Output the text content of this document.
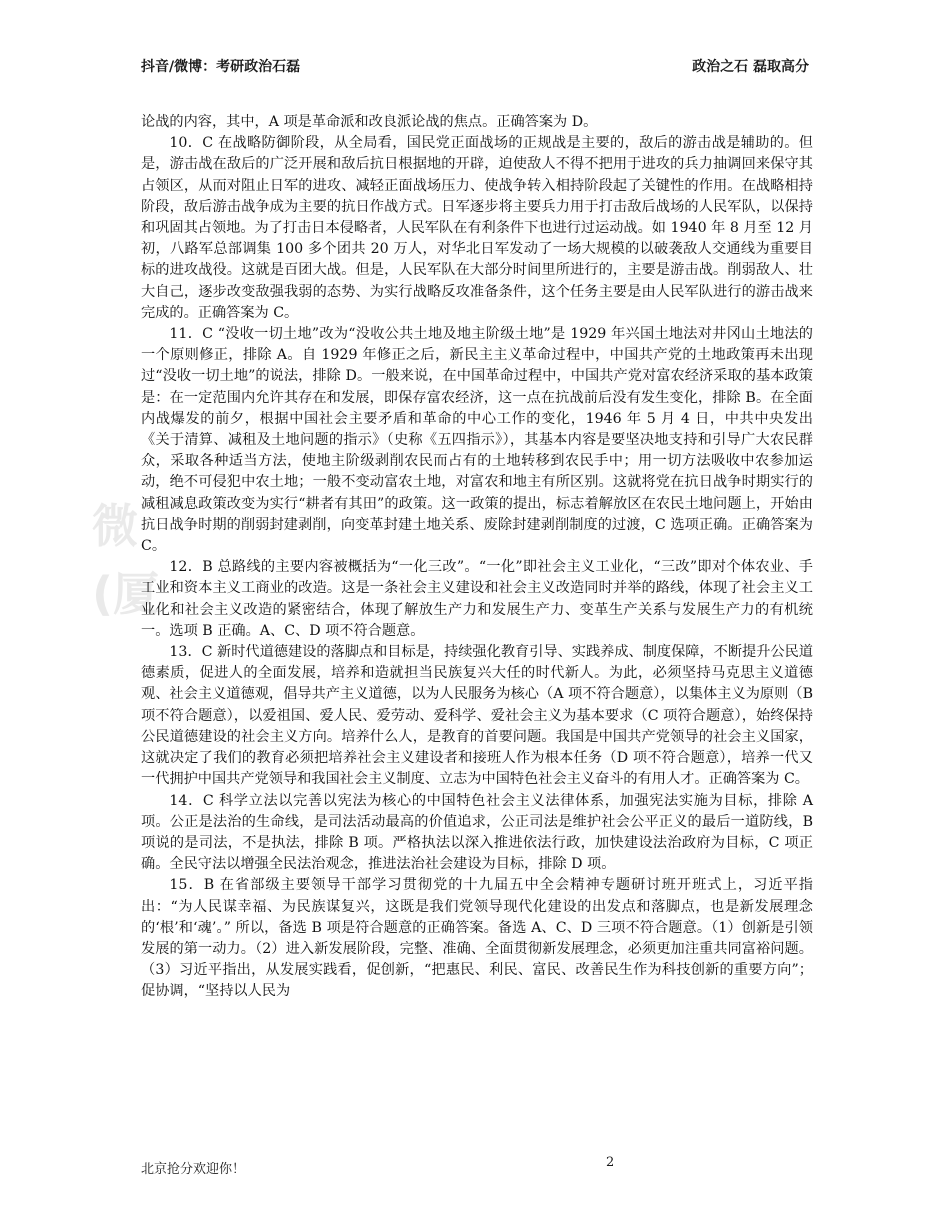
抖音/微博：考研政治石磊	政治之石 磊取高分
微
(厦

论战的内容，其中，A 项是革命派和改良派论战的焦点。正确答案为 D。

10．C 在战略防御阶段，从全局看，国民党正面战场的正规战是主要的，敌后的游击战是辅助的。但是，游击战在敌后的广泛开展和敌后抗日根据地的开辟，迫使敌人不得不把用于进攻的兵力抽调回来保守其占领区，从而对阻止日军的进攻、减轻正面战场压力、使战争转入相持阶段起了关键性的作用。在战略相持阶段，敌后游击战争成为主要的抗日作战方式。日军逐步将主要兵力用于打击敌后战场的人民军队，以保持和巩固其占领地。为了打击日本侵略者，人民军队在有利条件下也进行过运动战。如 1940 年 8 月至 12 月初，八路军总部调集 100 多个团共 20 万人，对华北日军发动了一场大规模的以破袭敌人交通线为重要目标的进攻战役。这就是百团大战。但是，人民军队在大部分时间里所进行的，主要是游击战。削弱敌人、壮大自己，逐步改变敌强我弱的态势、为实行战略反攻准备条件，这个任务主要是由人民军队进行的游击战来完成的。正确答案为 C。

11．C “没收一切土地”改为“没收公共土地及地主阶级土地”是 1929 年兴国土地法对井冈山土地法的一个原则修正，排除 A。自 1929 年修正之后，新民主主义革命过程中，中国共产党的土地政策再未出现过“没收一切土地”的说法，排除 D。一般来说，在中国革命过程中，中国共产党对富农经济采取的基本政策是：在一定范围内允许其存在和发展，即保存富农经济，这一点在抗战前后没有发生变化，排除 B。在全面内战爆发的前夕，根据中国社会主要矛盾和革命的中心工作的变化，1946 年 5 月 4 日，中共中央发出《关于清算、减租及土地问题的指示》（史称《五四指示》），其基本内容是要坚决地支持和引导广大农民群众，采取各种适当方法，使地主阶级剥削农民而占有的土地转移到农民手中；用一切方法吸收中农参加运动，绝不可侵犯中农土地；一般不变动富农土地，对富农和地主有所区别。这就将党在抗日战争时期实行的减租减息政策改变为实行“耕者有其田”的政策。这一政策的提出，标志着解放区在农民土地问题上，开始由抗日战争时期的削弱封建剥削，向变革封建土地关系、废除封建剥削制度的过渡，C 选项正确。正确答案为 C。

12．B 总路线的主要内容被概括为“一化三改”。“一化”即社会主义工业化，“三改”即对个体农业、手工业和资本主义工商业的改造。这是一条社会主义建设和社会主义改造同时并举的路线，体现了社会主义工业化和社会主义改造的紧密结合，体现了解放生产力和发展生产力、变革生产关系与发展生产力的有机统一。选项 B 正确。A、C、D 项不符合题意。

13．C 新时代道德建设的落脚点和目标是，持续强化教育引导、实践养成、制度保障，不断提升公民道德素质，促进人的全面发展，培养和造就担当民族复兴大任的时代新人。为此，必须坚持马克思主义道德观、社会主义道德观，倡导共产主义道德，以为人民服务为核心（A 项不符合题意），以集体主义为原则（B 项不符合题意），以爱祖国、爱人民、爱劳动、爱科学、爱社会主义为基本要求（C 项符合题意），始终保持公民道德建设的社会主义方向。培养什么人，是教育的首要问题。我国是中国共产党领导的社会主义国家，这就决定了我们的教育必须把培养社会主义建设者和接班人作为根本任务（D 项不符合题意），培养一代又一代拥护中国共产党领导和我国社会主义制度、立志为中国特色社会主义奋斗的有用人才。正确答案为 C。

14．C 科学立法以完善以宪法为核心的中国特色社会主义法律体系，加强宪法实施为目标，排除 A 项。公正是法治的生命线，是司法活动最高的价值追求，公正司法是维护社会公平正义的最后一道防线，B 项说的是司法，不是执法，排除 B 项。严格执法以深入推进依法行政，加快建设法治政府为目标，C 项正确。全民守法以增强全民法治观念，推进法治社会建设为目标，排除 D 项。

15．B 在省部级主要领导干部学习贯彻党的十九届五中全会精神专题研讨班开班式上，习近平指出：“为人民谋幸福、为民族谋复兴，这既是我们党领导现代化建设的出发点和落脚点，也是新发展理念的‘根’和‘魂’。” 所以，备选 B 项是符合题意的正确答案。备选 A、C、D 三项不符合题意。（1）创新是引领发展的第一动力。（2）进入新发展阶段，完整、准确、全面贯彻新发展理念，必须更加注重共同富裕问题。（3）习近平指出，从发展实践看，促创新，“把惠民、利民、富民、改善民生作为科技创新的重要方向”；促协调，“坚持以人民为

北京抢分欢迎你！	2
